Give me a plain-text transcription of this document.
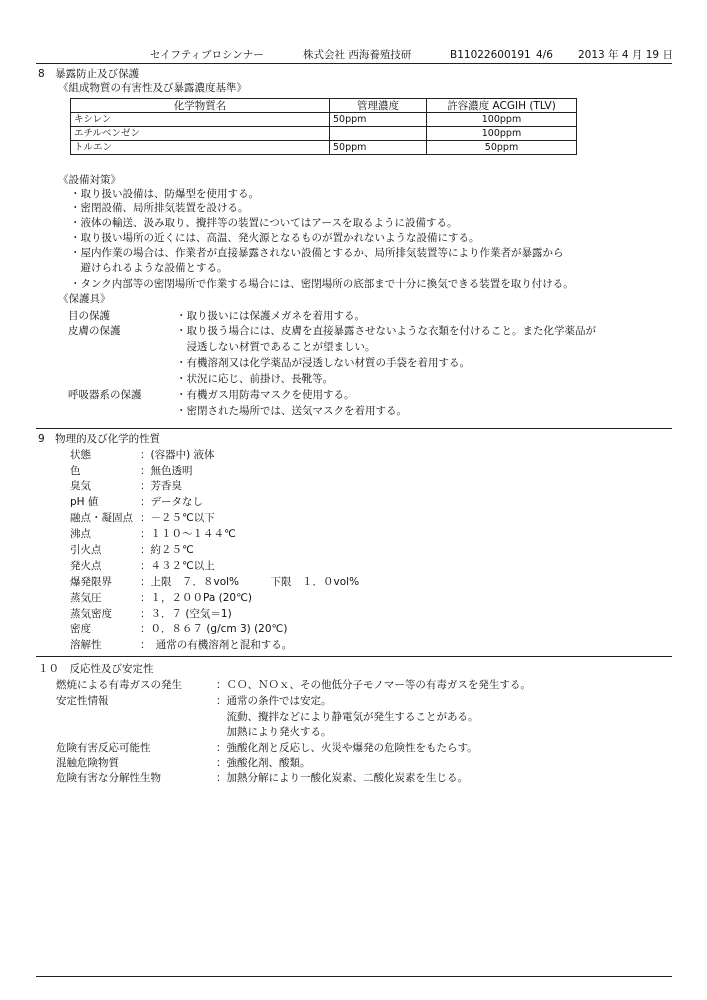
セイフティブロシンナー	株式会社 西海養殖技研	B11022600191 4/6 2013 年 4 月 19 日
8　暴露防止及び保護
《組成物質の有害性及び暴露濃度基準》
化学物質名	管理濃度	許容濃度 ACGIH (TLV)
キシレン	50ppm	100ppm
エチルベンゼン		100ppm
トルエン	50ppm	50ppm
《設備対策》
・取り扱い設備は、防爆型を使用する。
・密閉設備、局所排気装置を設ける。
・液体の輸送、汲み取り、攪拌等の装置についてはアースを取るように設備する。
・取り扱い場所の近くには、高温、発火源となるものが置かれないような設備にする。
・屋内作業の場合は、作業者が直接暴露されない設備とするか、局所排気装置等により作業者が暴露から
　避けられるような設備とする。
・タンク内部等の密閉場所で作業する場合には、密閉場所の底部まで十分に換気できる装置を取り付ける。
《保護具》
目の保護	・取り扱いには保護メガネを着用する。
皮膚の保護	・取り扱う場合には、皮膚を直接暴露させないような衣類を付けること。また化学薬品が
　浸透しない材質であることが望ましい。
・有機溶剤又は化学薬品が浸透しない材質の手袋を着用する。
・状況に応じ、前掛け、長靴等。
呼吸器系の保護	・有機ガス用防毒マスクを使用する。
・密閉された場所では、送気マスクを着用する。
9　物理的及び化学的性質
状態	：(容器中) 液体
色	：無色透明
臭気	：芳香臭
pH 値	：データなし
融点・凝固点 ：－２５℃以下
沸点	：１１０～１４４℃
引火点	：約２５℃
発火点	：４３２℃以上
爆発限界	：上限　７．８vol%　　　下限　１．０vol%
蒸気圧	：１，２００Pa (20℃)
蒸気密度	：３．７ (空気＝1)
密度	：０．８６７ (g/cm 3) (20℃)
溶解性	：　通常の有機溶剤と混和する。
１０　反応性及び安定性
燃焼による有毒ガスの発生	：ＣＯ、ＮＯｘ、その他低分子モノマー等の有毒ガスを発生する。
安定性情報	：通常の条件では安定。
　流動、攪拌などにより静電気が発生することがある。
　加熱により発火する。
危険有害反応可能性	：強酸化剤と反応し、火災や爆発の危険性をもたらす。
混触危険物質	：強酸化剤、酸類。
危険有害な分解性生物	：加熱分解により一酸化炭素、二酸化炭素を生じる。
